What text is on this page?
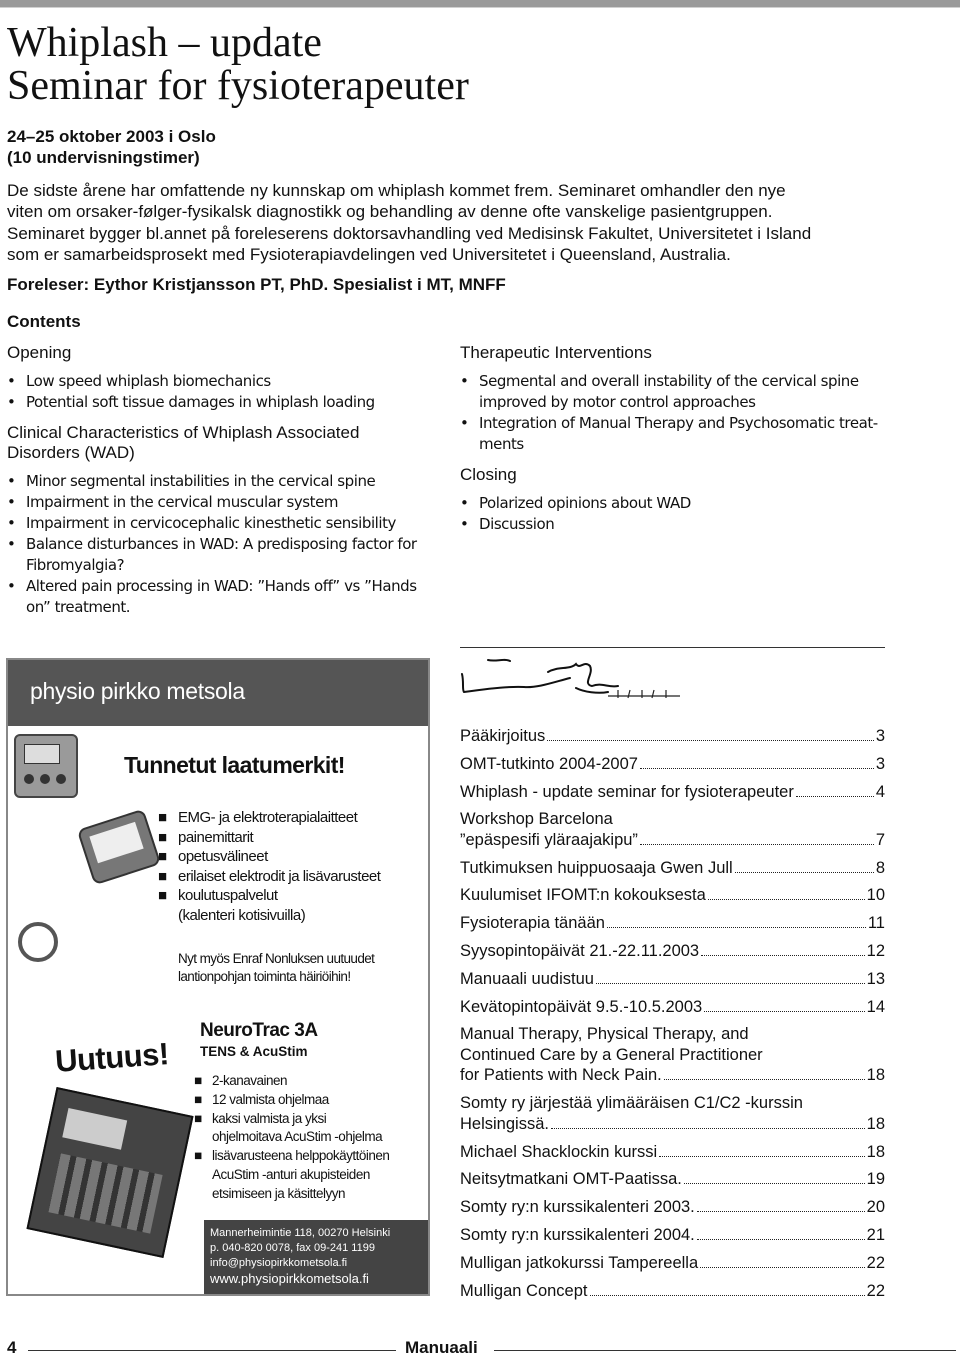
Whiplash – update
Seminar for fysioterapeuter
24–25 oktober 2003 i Oslo
(10 undervisningstimer)
De sidste årene har omfattende ny kunnskap om whiplash kommet frem. Seminaret omhandler den nye
viten om orsaker-følger-fysikalsk diagnostikk og behandling av denne ofte vanskelige pasientgruppen.
Seminaret bygger bl.annet på foreleserens doktorsavhandling ved Medisinsk Fakultet, Universitetet i Island
som er samarbeidsprosekt med Fysioterapiavdelingen ved Universitetet i Queensland, Australia.
Foreleser: Eythor Kristjansson PT, PhD. Spesialist i MT, MNFF
Contents
Opening
• Low speed whiplash biomechanics
• Potential soft tissue damages in whiplash loading
Clinical Characteristics of Whiplash Associated
Disorders (WAD)
• Minor segmental instabilities in the cervical spine
• Impairment in the cervical muscular system
• Impairment in cervicocephalic kinesthetic sensibility
• Balance disturbances in WAD: A predisposing factor for
Fibromyalgia?
• Altered pain processing in WAD: ”Hands off” vs ”Hands
on” treatment.
Therapeutic Interventions
• Segmental and overall instability of the cervical spine
improved by motor control approaches
• Integration of Manual Therapy and Psychosomatic treat-
ments
Closing
• Polarized opinions about WAD
• Discussion
physio pirkko metsola
Tunnetut laatumerkit!
■ EMG- ja elektroterapialaitteet
■ painemittarit
■ opetusvälineet
■ erilaiset elektrodit ja lisävarusteet
■ koulutuspalvelut
(kalenteri kotisivuilla)
Nyt myös Enraf Nonluksen uutuudet
lantionpohjan toiminta häiriöihin!
Uutuus!
NeuroTrac 3A
TENS & AcuStim
■ 2-kanavainen
■ 12 valmista ohjelmaa
■ kaksi valmista ja yksi
ohjelmoitava AcuStim -ohjelma
■ lisävarusteena helppokäyttöinen
AcuStim -anturi akupisteiden
etsimiseen ja käsittelyyn
Mannerheimintie 118, 00270 Helsinki
p. 040-820 0078, fax 09-241 1199
info@physiopirkkometsola.fi
www.physiopirkkometsola.fi
Pääkirjoitus	3
OMT-tutkinto 2004-2007	3
Whiplash - update seminar for fysioterapeuter	4
Workshop Barcelona
”epäspesifi yläraajakipu”	7
Tutkimuksen huippuosaaja Gwen Jull	8
Kuulumiset IFOMT:n kokouksesta	10
Fysioterapia tänään	11
Syysopintopäivät 21.-22.11.2003	12
Manuaali uudistuu	13
Kevätopintopäivät 9.5.-10.5.2003	14
Manual Therapy, Physical Therapy, and
Continued Care by a General Practitioner
for Patients with Neck Pain.	18
Somty ry järjestää ylimääräisen C1/C2 -kurssin
Helsingissä.	18
Michael Shacklockin kurssi	18
Neitsytmatkani OMT-Paatissa.	19
Somty ry:n kurssikalenteri 2003.	20
Somty ry:n kurssikalenteri 2004.	21
Mulligan jatkokurssi Tampereella	22
Mulligan Concept	22
4	Manuaali
